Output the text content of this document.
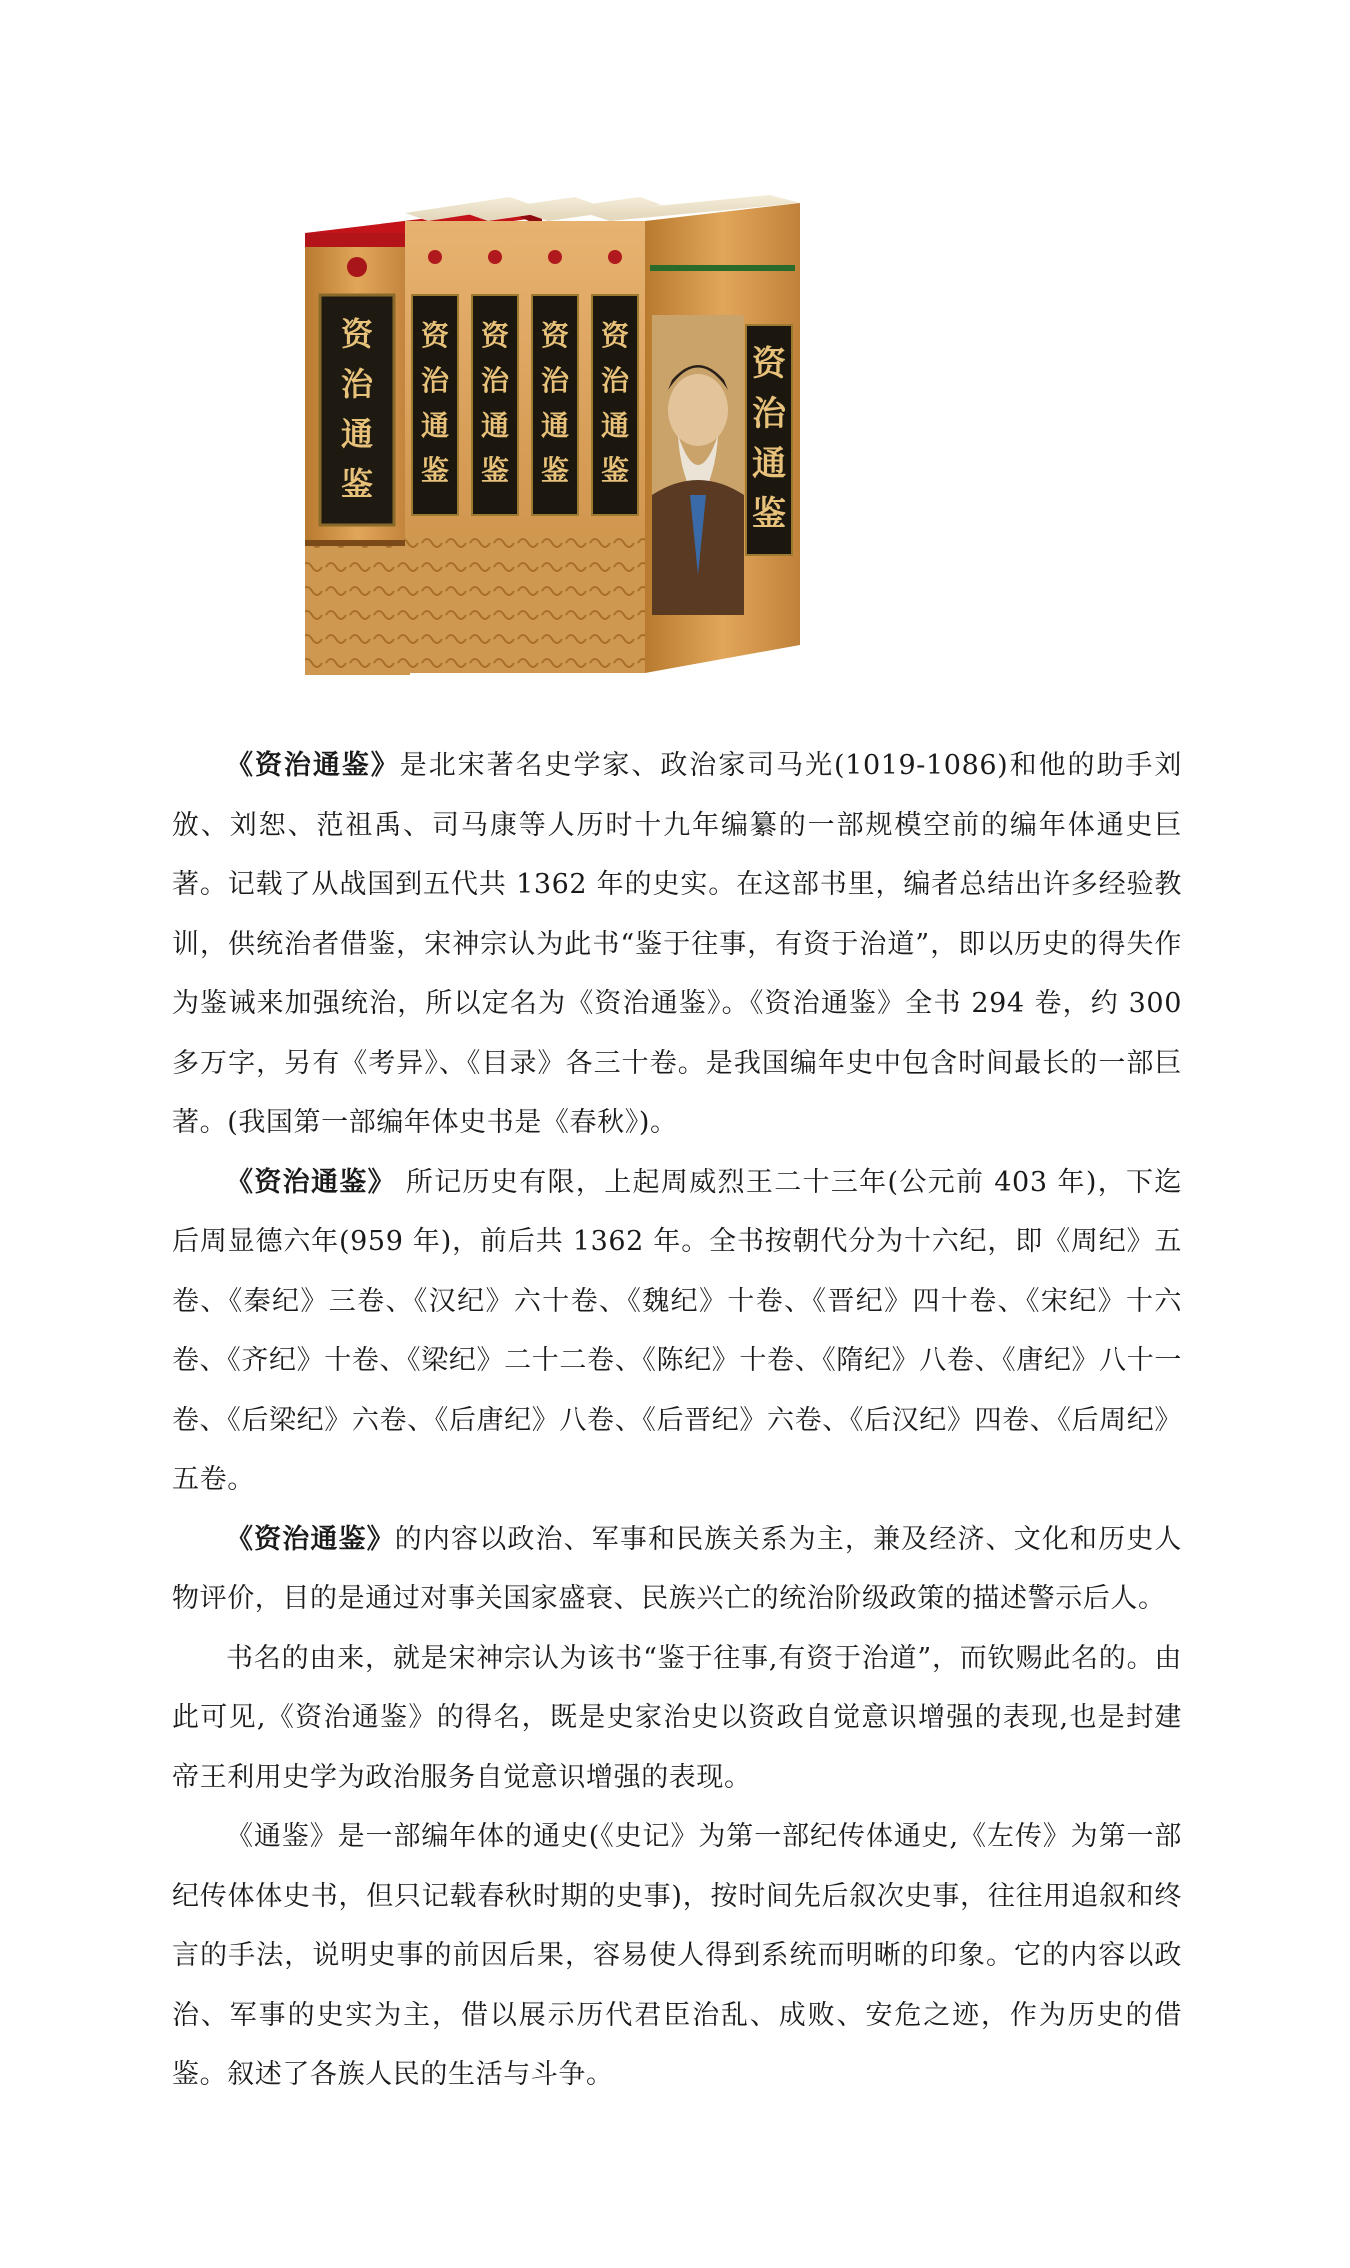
资
治
通
鉴
资
治
通
鉴
资
治
通
鉴
资
治
通
鉴
资
治
通
鉴
资
治
通
鉴

《资治通鉴》是北宋著名史学家、政治家司马光(1019-1086)和他的助手刘攽、刘恕、范祖禹、司马康等人历时十九年编纂的一部规模空前的编年体通史巨著。记载了从战国到五代共 1362 年的史实。在这部书里，编者总结出许多经验教训，供统治者借鉴，宋神宗认为此书“鉴于往事，有资于治道”，即以历史的得失作为鉴诫来加强统治，所以定名为《资治通鉴》。《资治通鉴》全书 294 卷，约 300 多万字，另有《考异》、《目录》各三十卷。是我国编年史中包含时间最长的一部巨著。(我国第一部编年体史书是《春秋》)。

《资治通鉴》 所记历史有限，上起周威烈王二十三年(公元前 403 年)，下迄后周显德六年(959 年)，前后共 1362 年。全书按朝代分为十六纪，即《周纪》五卷、《秦纪》三卷、《汉纪》六十卷、《魏纪》十卷、《晋纪》四十卷、《宋纪》十六卷、《齐纪》十卷、《梁纪》二十二卷、《陈纪》十卷、《隋纪》八卷、《唐纪》八十一卷、《后梁纪》六卷、《后唐纪》八卷、《后晋纪》六卷、《后汉纪》四卷、《后周纪》五卷。

《资治通鉴》的内容以政治、军事和民族关系为主，兼及经济、文化和历史人物评价，目的是通过对事关国家盛衰、民族兴亡的统治阶级政策的描述警示后人。

书名的由来，就是宋神宗认为该书“鉴于往事,有资于治道”，而钦赐此名的。由此可见,《资治通鉴》的得名，既是史家治史以资政自觉意识增强的表现,也是封建帝王利用史学为政治服务自觉意识增强的表现。

《通鉴》是一部编年体的通史(《史记》为第一部纪传体通史,《左传》为第一部纪传体体史书，但只记载春秋时期的史事)，按时间先后叙次史事，往往用追叙和终言的手法，说明史事的前因后果，容易使人得到系统而明晰的印象。它的内容以政治、军事的史实为主，借以展示历代君臣治乱、成败、安危之迹，作为历史的借鉴。叙述了各族人民的生活与斗争。
